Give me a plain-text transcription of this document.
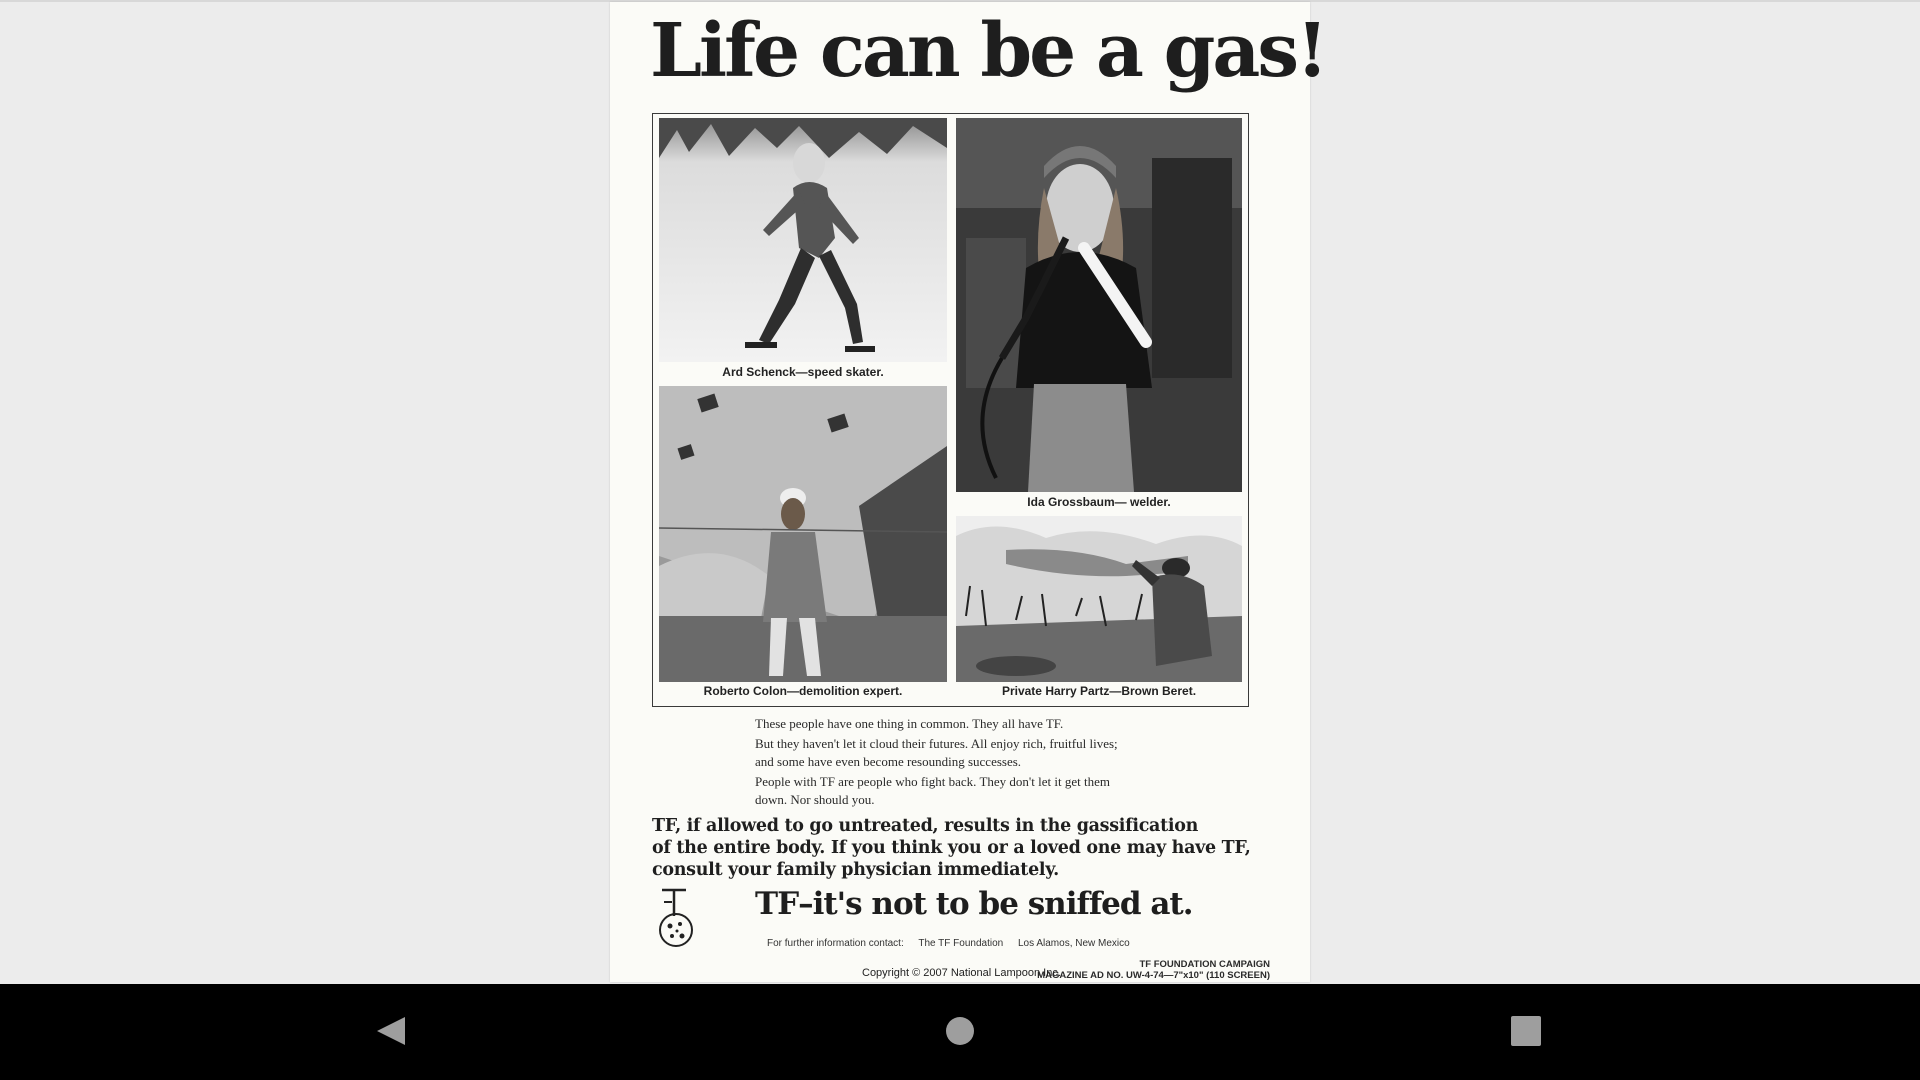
Life can be a gas!

Ard Schenck—speed skater.

Ida Grossbaum— welder.

Roberto Colon—demolition expert.	Private Harry Partz—Brown Beret.

These people have one thing in common. They all have TF.

But they haven't let it cloud their futures. All enjoy rich, fruitful lives;

and some have even become resounding successes.

People with TF are people who fight back. They don't let it get them

down. Nor should you.

TF, if allowed to go untreated, results in the gassification
of the entire body. If you think you or a loved one may have TF,
consult your family physician immediately.
TF–it's not to be sniffed at.
For further information contact: The TF Foundation Los Alamos, New Mexico
TF FOUNDATION CAMPAIGN
MAGAZINE AD NO. UW-4-74—7"x10" (110 SCREEN)
Copyright © 2007 National Lampoon Inc.
